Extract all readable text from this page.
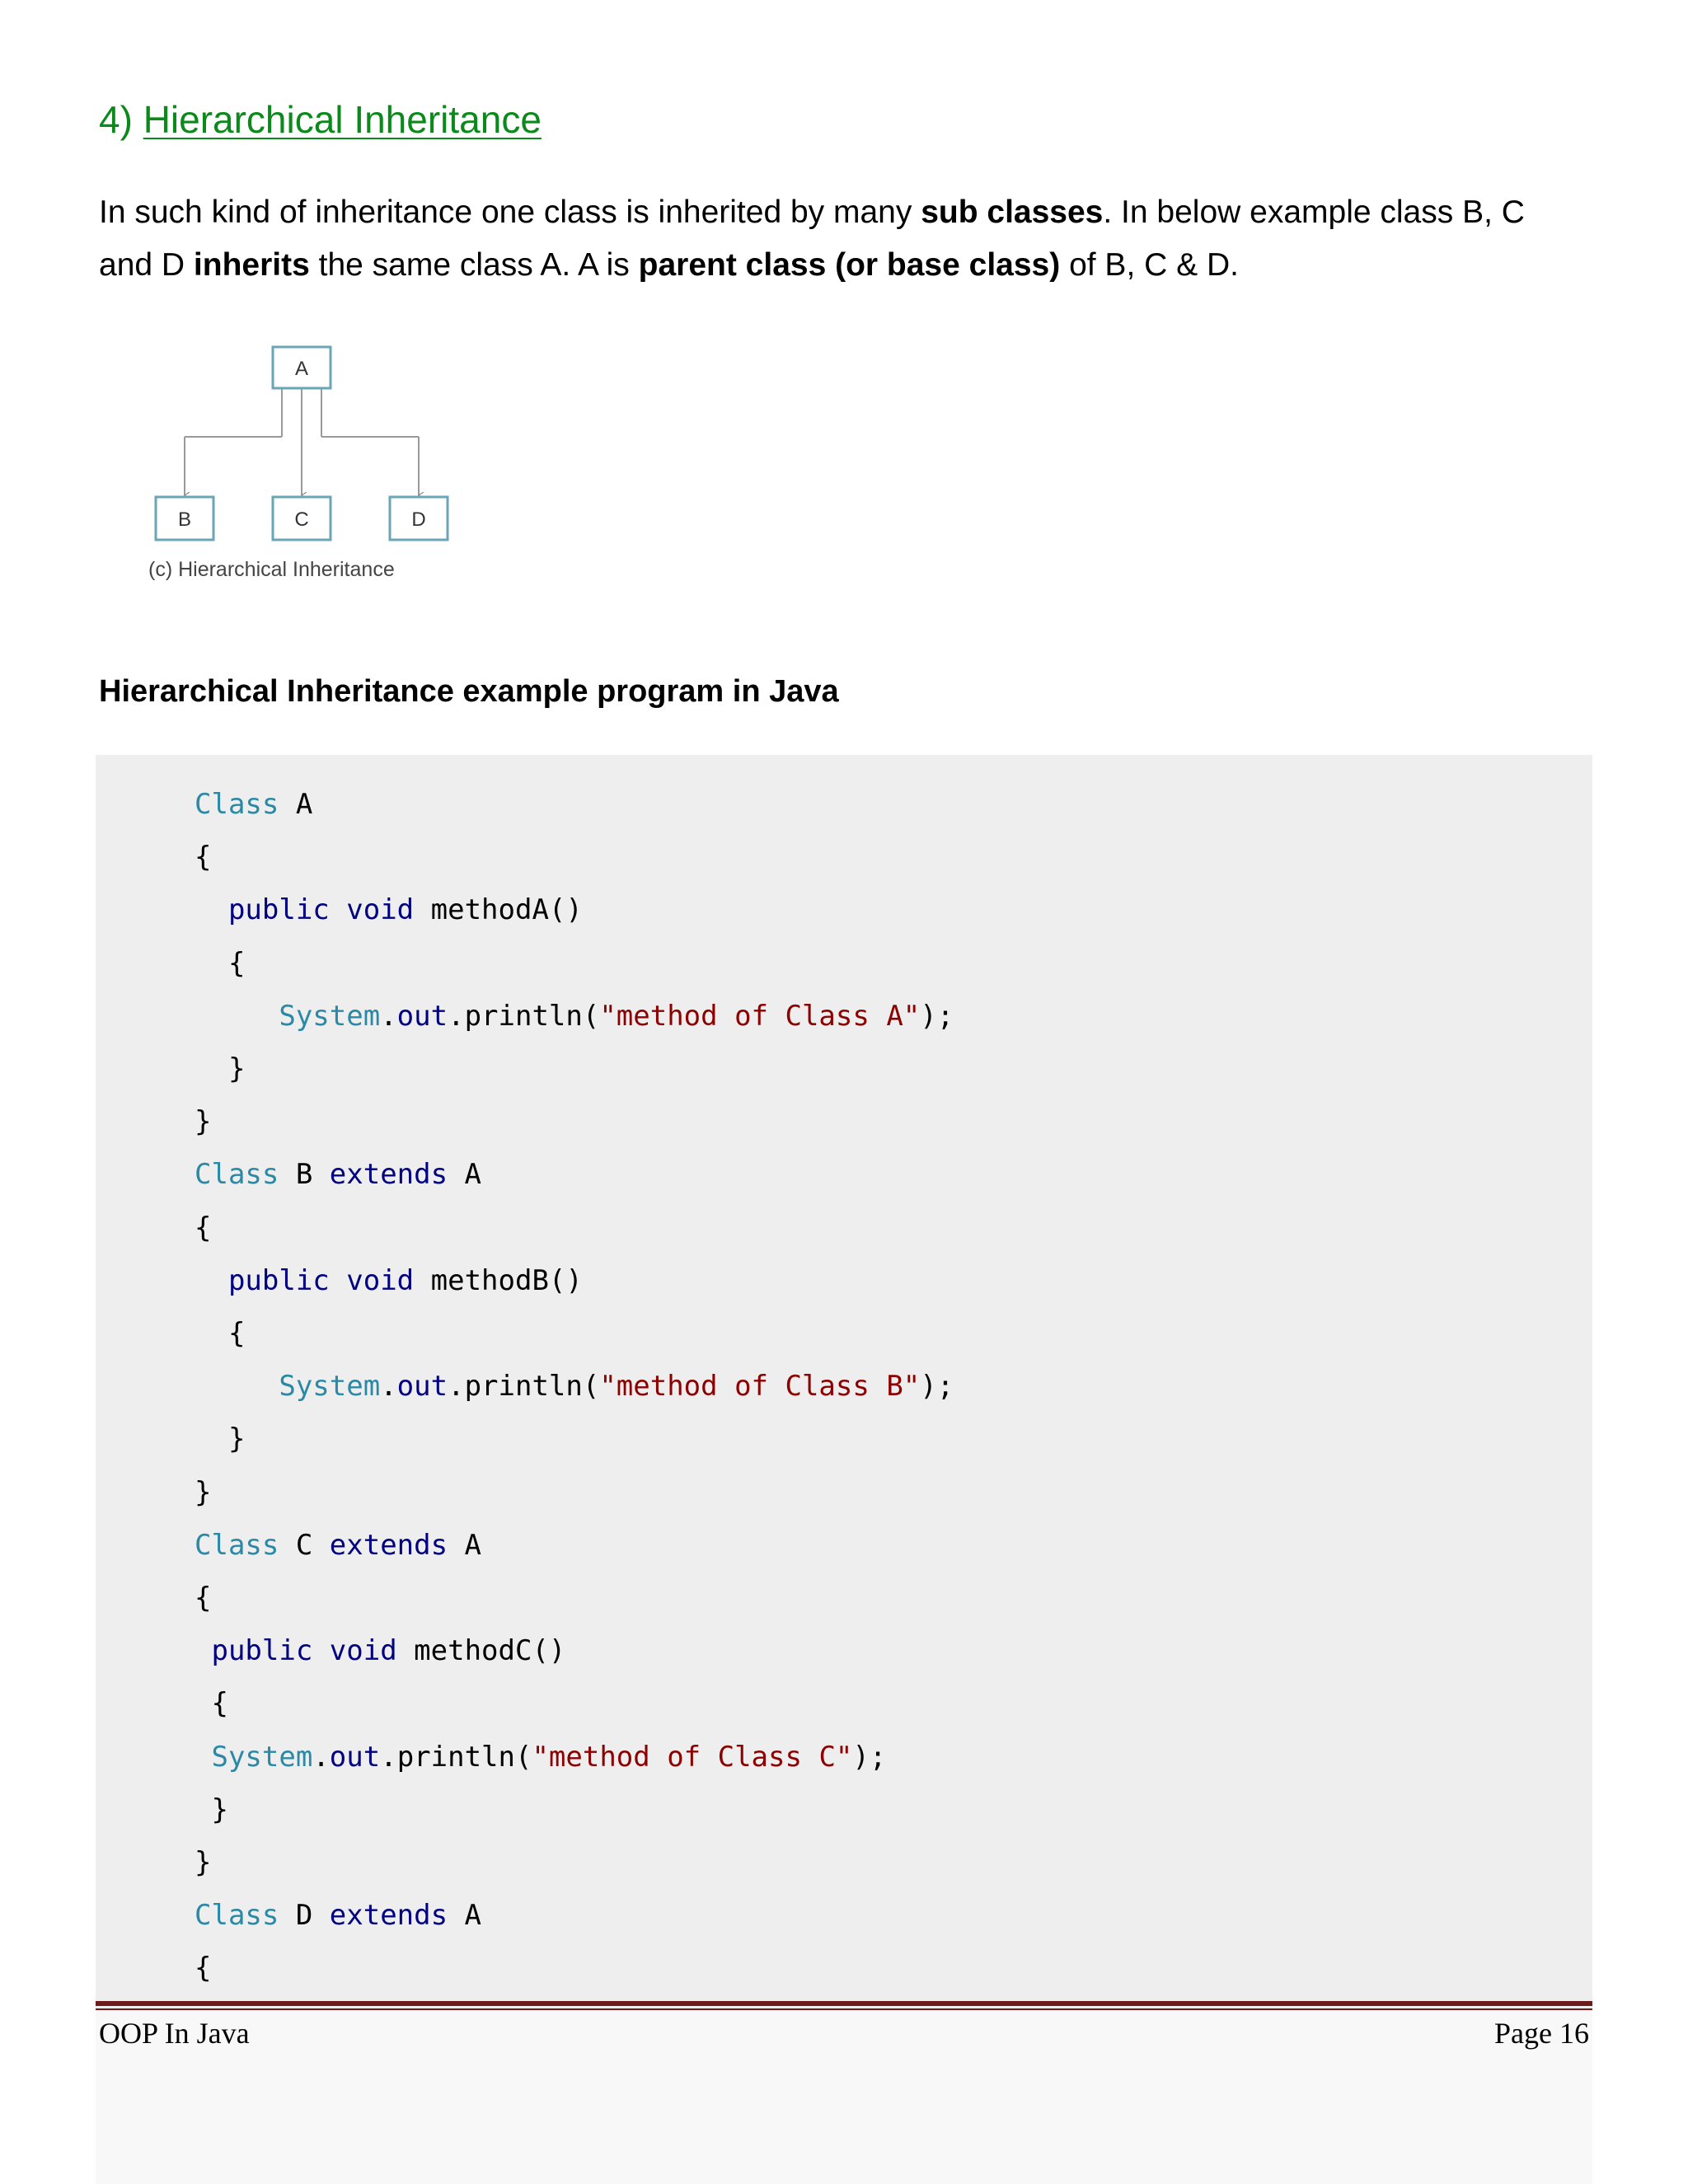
4) Hierarchical Inheritance
In such kind of inheritance one class is inherited by many sub classes. In below example class B, C and D inherits the same class A. A is parent class (or base class) of B, C & D.
A
B	C	D
(c) Hierarchical Inheritance
Hierarchical Inheritance example program in Java
Class A
{
public void methodA()
{
System.out.println("method of Class A");
}
}
Class B extends A
{
public void methodB()
{
System.out.println("method of Class B");
}
}
Class C extends A
{
public void methodC()
{
System.out.println("method of Class C");
}
}
Class D extends A
{
OOP In Java	Page 16
